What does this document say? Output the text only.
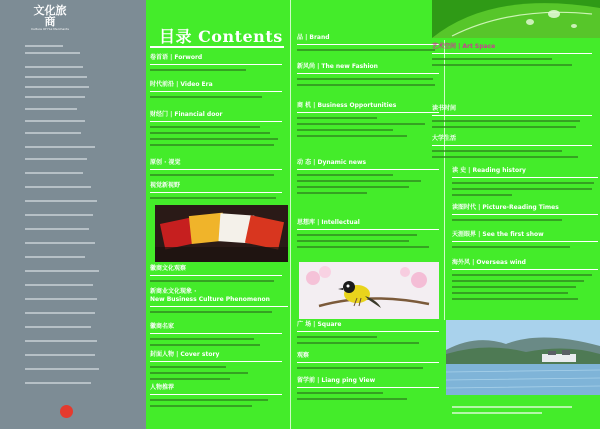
文化旅商
Culture Of Hui Merchants	目录 Contents
卷首语 | Forword
时代前沿 | Video Era
财经门 | Financial door
原创 · 视觉
视觉新视野
徽商文化观察
新商业文化现象 ·
New Business Culture Phenomenon
徽商名家
封面人物 | Cover story
人物推荐
品 | Brand
新风尚 | The new Fashion
商 机 | Business Opportunities
动 态 | Dynamic news
思想库 | Intellectual
广 场 | Square
观察
留学前 | Liang ping View
艺术空间 | Art Space
读书时间
大学生活
读 史 | Reading history
读图时代 | Picture-Reading Times
天涯眼界 | See the first show
海外风 | Overseas wind
